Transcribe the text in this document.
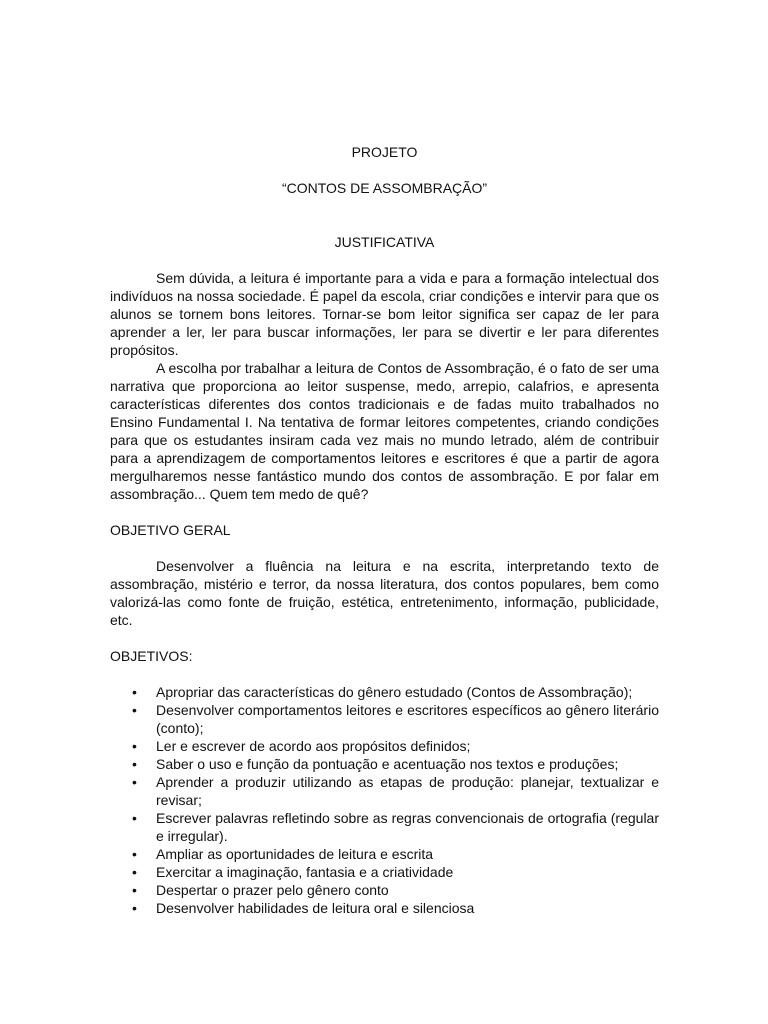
PROJETO

“CONTOS DE ASSOMBRAÇÃO”

JUSTIFICATIVA

Sem dúvida, a leitura é importante para a vida e para a formação intelectual dos indivíduos na nossa sociedade. É papel da escola, criar condições e intervir para que os alunos se tornem bons leitores. Tornar-se bom leitor significa ser capaz de ler para aprender a ler, ler para buscar informações, ler para se divertir e ler para diferentes propósitos.

A escolha por trabalhar a leitura de Contos de Assombração, é o fato de ser uma narrativa que proporciona ao leitor suspense, medo, arrepio, calafrios, e apresenta características diferentes dos contos tradicionais e de fadas muito trabalhados no Ensino Fundamental I. Na tentativa de formar leitores competentes, criando condições para que os estudantes insiram cada vez mais no mundo letrado, além de contribuir para a aprendizagem de comportamentos leitores e escritores é que a partir de agora mergulharemos nesse fantástico mundo dos contos de assombração. E por falar em assombração... Quem tem medo de quê?

OBJETIVO GERAL

Desenvolver a fluência na leitura e na escrita, interpretando texto de assombração, mistério e terror, da nossa literatura, dos contos populares, bem como valorizá-las como fonte de fruição, estética, entretenimento, informação, publicidade, etc.

OBJETIVOS:

• Apropriar das características do gênero estudado (Contos de Assombração);
• Desenvolver comportamentos leitores e escritores específicos ao gênero literário (conto);
• Ler e escrever de acordo aos propósitos definidos;
• Saber o uso e função da pontuação e acentuação nos textos e produções;
• Aprender a produzir utilizando as etapas de produção: planejar, textualizar e revisar;
• Escrever palavras refletindo sobre as regras convencionais de ortografia (regular e irregular).
• Ampliar as oportunidades de leitura e escrita
• Exercitar a imaginação, fantasia e a criatividade
• Despertar o prazer pelo gênero conto
• Desenvolver habilidades de leitura oral e silenciosa
